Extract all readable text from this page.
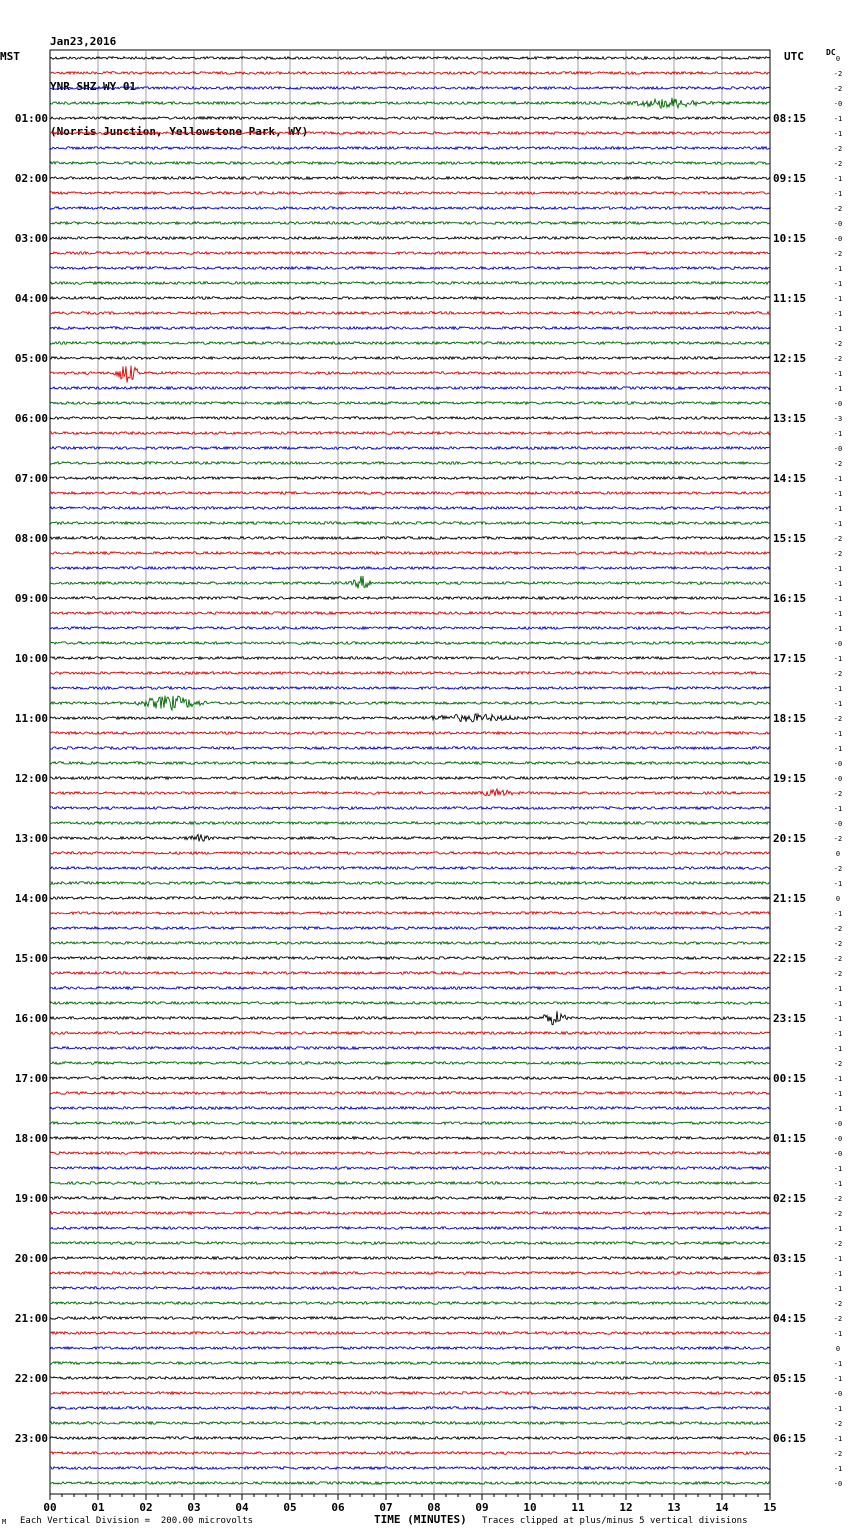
Jan23,2016

YNR SHZ WY 01

(Norris Junction, Yellowstone Park, WY)

MST	UTC	DC
00	01	02	03	04	05	06	07	08	09	10	11	12	13	14	15
0
-2
-2
-0
-1
-1
-2
-2
-1
-1
-2
-0
-0
-2
-1
-1
-1
-1
-1
-2
-2
-1
-1
-0
-3
-1
-0
-2
-1
-1
-1
-1
-2
-2
-1
-1
-1
-1
-1
-0
-1
-2
-1
-1
-2
-1
-1
-0
-0
-2
-1
-0
-2
0
-2
-1
0
-1
-2
-2
-2
-2
-1
-1
-1
-1
-1
-2
-1
-1
-1
-0
-0
-0
-1
-1
-2
-2
-1
-2
-1
-1
-1
-2
-2
-1
0
-1
-1
-0
-1
-2
-1
-2
-1
-0
01:00
02:00
03:00
04:00
05:00
06:00
07:00
08:00
09:00
10:00
11:00
12:00
13:00
14:00
15:00
16:00
17:00
18:00
19:00
20:00
21:00
22:00
23:00
08:15
09:15
10:15
11:15
12:15
13:15
14:15
15:15
16:15
17:15
18:15
19:15
20:15
21:15
22:15
23:15
00:15
01:15
02:15
03:15
04:15
05:15
06:15
M Each Vertical Division =  200.00 microvolts	TIME (MINUTES) Traces clipped at plus/minus 5 vertical divisions
